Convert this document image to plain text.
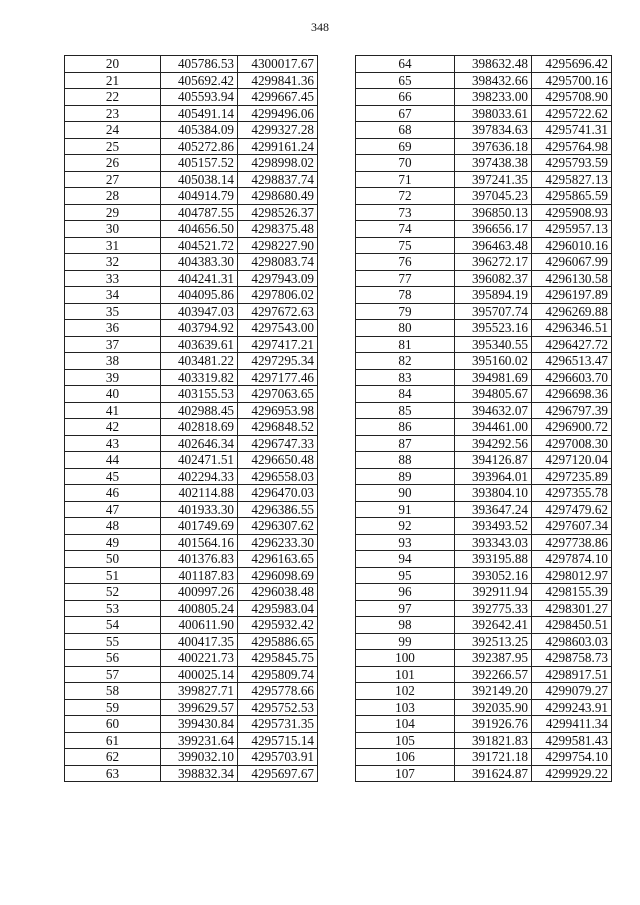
348
20	405786.53	4300017.67
21	405692.42	4299841.36
22	405593.94	4299667.45
23	405491.14	4299496.06
24	405384.09	4299327.28
25	405272.86	4299161.24
26	405157.52	4298998.02
27	405038.14	4298837.74
28	404914.79	4298680.49
29	404787.55	4298526.37
30	404656.50	4298375.48
31	404521.72	4298227.90
32	404383.30	4298083.74
33	404241.31	4297943.09
34	404095.86	4297806.02
35	403947.03	4297672.63
36	403794.92	4297543.00
37	403639.61	4297417.21
38	403481.22	4297295.34
39	403319.82	4297177.46
40	403155.53	4297063.65
41	402988.45	4296953.98
42	402818.69	4296848.52
43	402646.34	4296747.33
44	402471.51	4296650.48
45	402294.33	4296558.03
46	402114.88	4296470.03
47	401933.30	4296386.55
48	401749.69	4296307.62
49	401564.16	4296233.30
50	401376.83	4296163.65
51	401187.83	4296098.69
52	400997.26	4296038.48
53	400805.24	4295983.04
54	400611.90	4295932.42
55	400417.35	4295886.65
56	400221.73	4295845.75
57	400025.14	4295809.74
58	399827.71	4295778.66
59	399629.57	4295752.53
60	399430.84	4295731.35
61	399231.64	4295715.14
62	399032.10	4295703.91
63	398832.34	4295697.67
64	398632.48	4295696.42
65	398432.66	4295700.16
66	398233.00	4295708.90
67	398033.61	4295722.62
68	397834.63	4295741.31
69	397636.18	4295764.98
70	397438.38	4295793.59
71	397241.35	4295827.13
72	397045.23	4295865.59
73	396850.13	4295908.93
74	396656.17	4295957.13
75	396463.48	4296010.16
76	396272.17	4296067.99
77	396082.37	4296130.58
78	395894.19	4296197.89
79	395707.74	4296269.88
80	395523.16	4296346.51
81	395340.55	4296427.72
82	395160.02	4296513.47
83	394981.69	4296603.70
84	394805.67	4296698.36
85	394632.07	4296797.39
86	394461.00	4296900.72
87	394292.56	4297008.30
88	394126.87	4297120.04
89	393964.01	4297235.89
90	393804.10	4297355.78
91	393647.24	4297479.62
92	393493.52	4297607.34
93	393343.03	4297738.86
94	393195.88	4297874.10
95	393052.16	4298012.97
96	392911.94	4298155.39
97	392775.33	4298301.27
98	392642.41	4298450.51
99	392513.25	4298603.03
100	392387.95	4298758.73
101	392266.57	4298917.51
102	392149.20	4299079.27
103	392035.90	4299243.91
104	391926.76	4299411.34
105	391821.83	4299581.43
106	391721.18	4299754.10
107	391624.87	4299929.22
